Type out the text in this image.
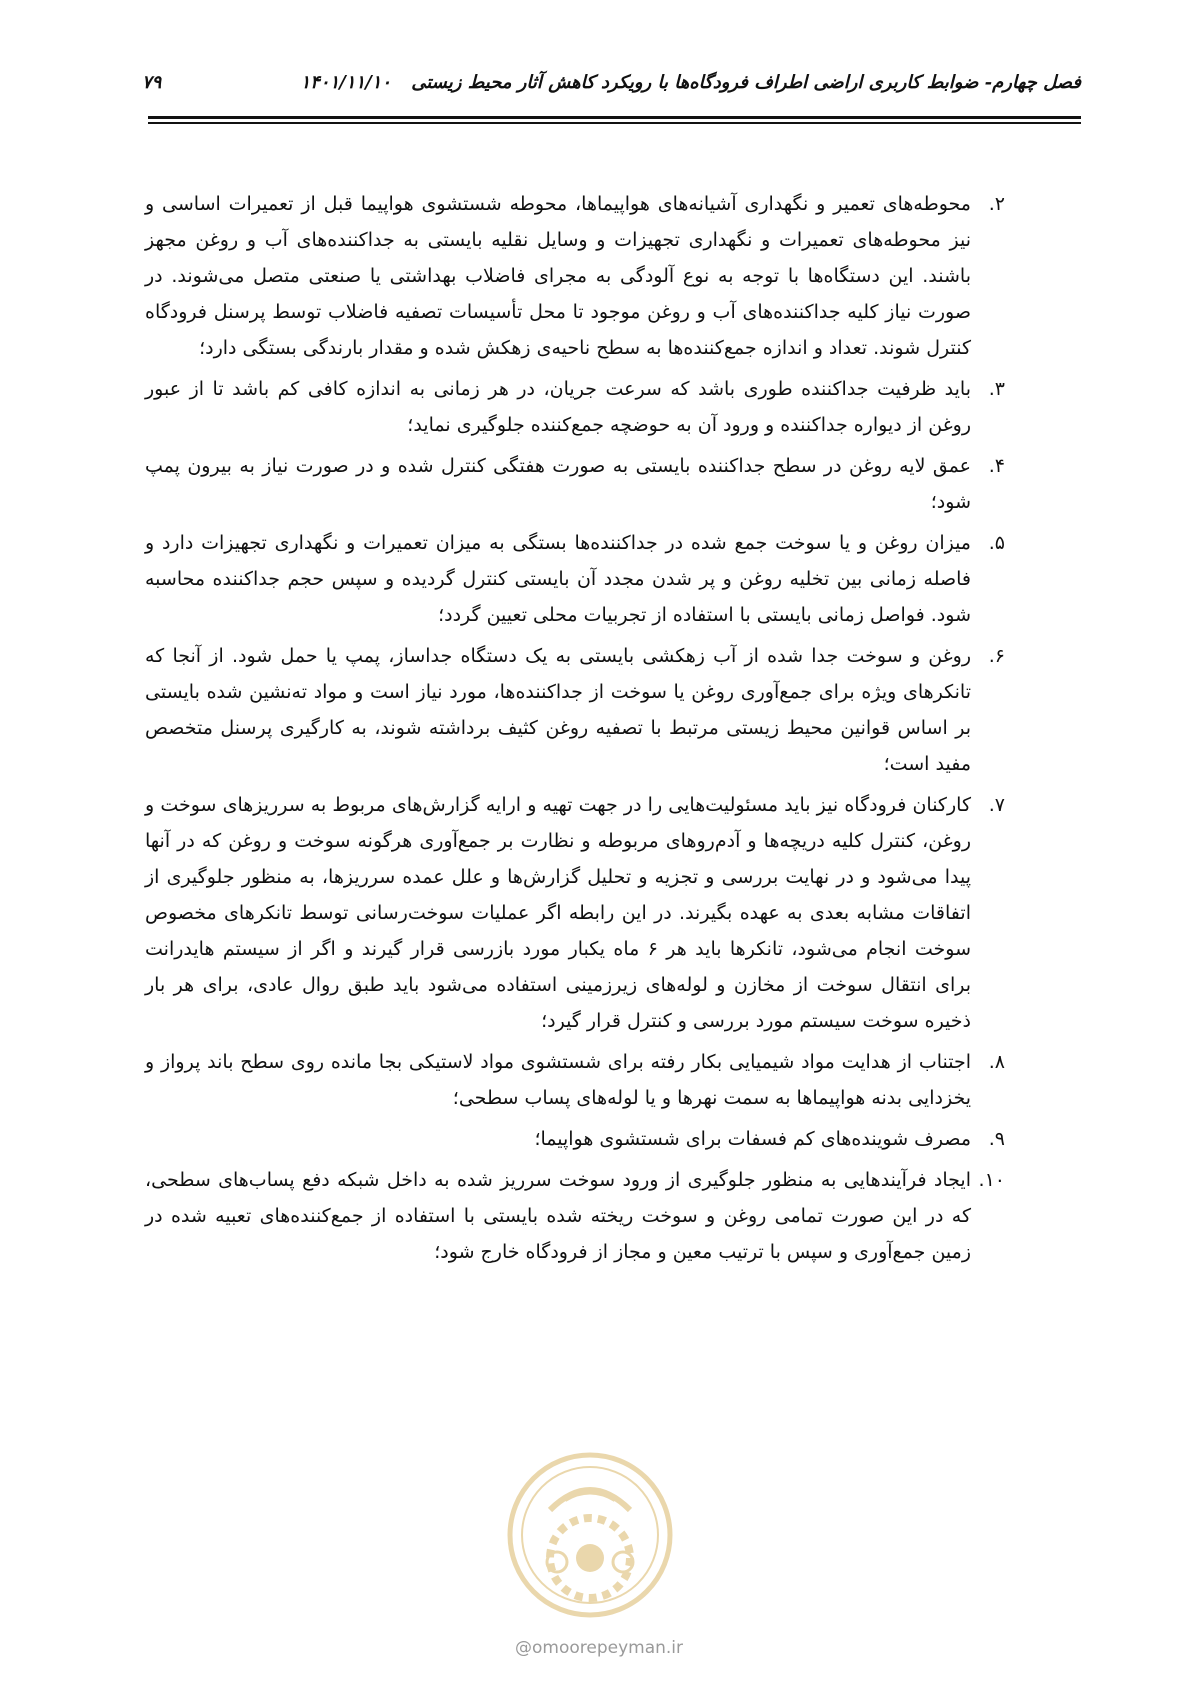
فصل چهارم- ضوابط کاربری اراضی اطراف فرودگاه‌ها با رویکرد کاهش آثار محیط زیستی
۱۴۰۱/۱۱/۱۰
۷۹
۲.
محوطه‌های تعمیر و نگهداری آشیانه‌های هواپیماها، محوطه شستشوی هواپیما قبل از تعمیرات اساسی و نیز محوطه‌های تعمیرات و نگهداری تجهیزات و وسایل نقلیه بایستی به جداکننده‌های آب و روغن مجهز باشند. این دستگاه‌ها با توجه به نوع آلودگی به مجرای فاضلاب بهداشتی یا صنعتی متصل می‌شوند. در صورت نیاز کلیه جداکننده‌های آب و روغن موجود تا محل تأسیسات تصفیه فاضلاب توسط پرسنل فرودگاه کنترل شوند. تعداد و اندازه جمع‌کننده‌ها به سطح ناحیه‌ی زهکش شده و مقدار بارندگی بستگی دارد؛
۳.
باید ظرفیت جداکننده طوری باشد که سرعت جریان، در هر زمانی به اندازه کافی کم باشد تا از عبور روغن از دیواره جداکننده و ورود آن به حوضچه جمع‌کننده جلوگیری نماید؛
۴.
عمق لایه روغن در سطح جداکننده بایستی به صورت هفتگی کنترل شده و در صورت نیاز به بیرون پمپ شود؛
۵.
میزان روغن و یا سوخت جمع شده در جداکننده‌ها بستگی به میزان تعمیرات و نگهداری تجهیزات دارد و فاصله زمانی بین تخلیه روغن و پر شدن مجدد آن بایستی کنترل گردیده و سپس حجم جداکننده محاسبه شود. فواصل زمانی بایستی با استفاده از تجربیات محلی تعیین گردد؛
۶.
روغن و سوخت جدا شده از آب زهکشی بایستی به یک دستگاه جداساز، پمپ یا حمل شود. از آنجا که تانکرهای ویژه برای جمع‌آوری روغن یا سوخت از جداکننده‌ها، مورد نیاز است و مواد ته‌نشین شده بایستی بر اساس قوانین محیط زیستی مرتبط با تصفیه روغن کثیف برداشته شوند، به کارگیری پرسنل متخصص مفید است؛
۷.
کارکنان فرودگاه نیز باید مسئولیت‌هایی را در جهت تهیه و ارایه گزارش‌های مربوط به سرریزهای سوخت و روغن، کنترل کلیه دریچه‌ها و آدم‌روهای مربوطه و نظارت بر جمع‌آوری هرگونه سوخت و روغن که در آنها پیدا می‌شود و در نهایت بررسی و تجزیه و تحلیل گزارش‌ها و علل عمده سرریزها، به منظور جلوگیری از اتفاقات مشابه بعدی به عهده بگیرند. در این رابطه اگر عملیات سوخت‌رسانی توسط تانکرهای مخصوص سوخت انجام می‌شود، تانکرها باید هر ۶ ماه یکبار مورد بازرسی قرار گیرند و اگر از سیستم هایدرانت برای انتقال سوخت از مخازن و لوله‌های زیرزمینی استفاده می‌شود باید طبق روال عادی، برای هر بار ذخیره سوخت سیستم مورد بررسی و کنترل قرار گیرد؛
۸.
اجتناب از هدایت مواد شیمیایی بکار رفته برای شستشوی مواد لاستیکی بجا مانده روی سطح باند پرواز و یخزدایی بدنه هواپیماها به سمت نهرها و یا لوله‌های پساب سطحی؛
۹.
مصرف شوینده‌های کم فسفات برای شستشوی هواپیما؛
۱۰.
ایجاد فرآیندهایی به منظور جلوگیری از ورود سوخت سرریز شده به داخل شبکه دفع پساب‌های سطحی، که در این صورت تمامی روغن و سوخت ریخته شده بایستی با استفاده از جمع‌کننده‌های تعبیه شده در زمین جمع‌آوری و سپس با ترتیب معین و مجاز از فرودگاه خارج شود؛
@omoorepeyman.ir
